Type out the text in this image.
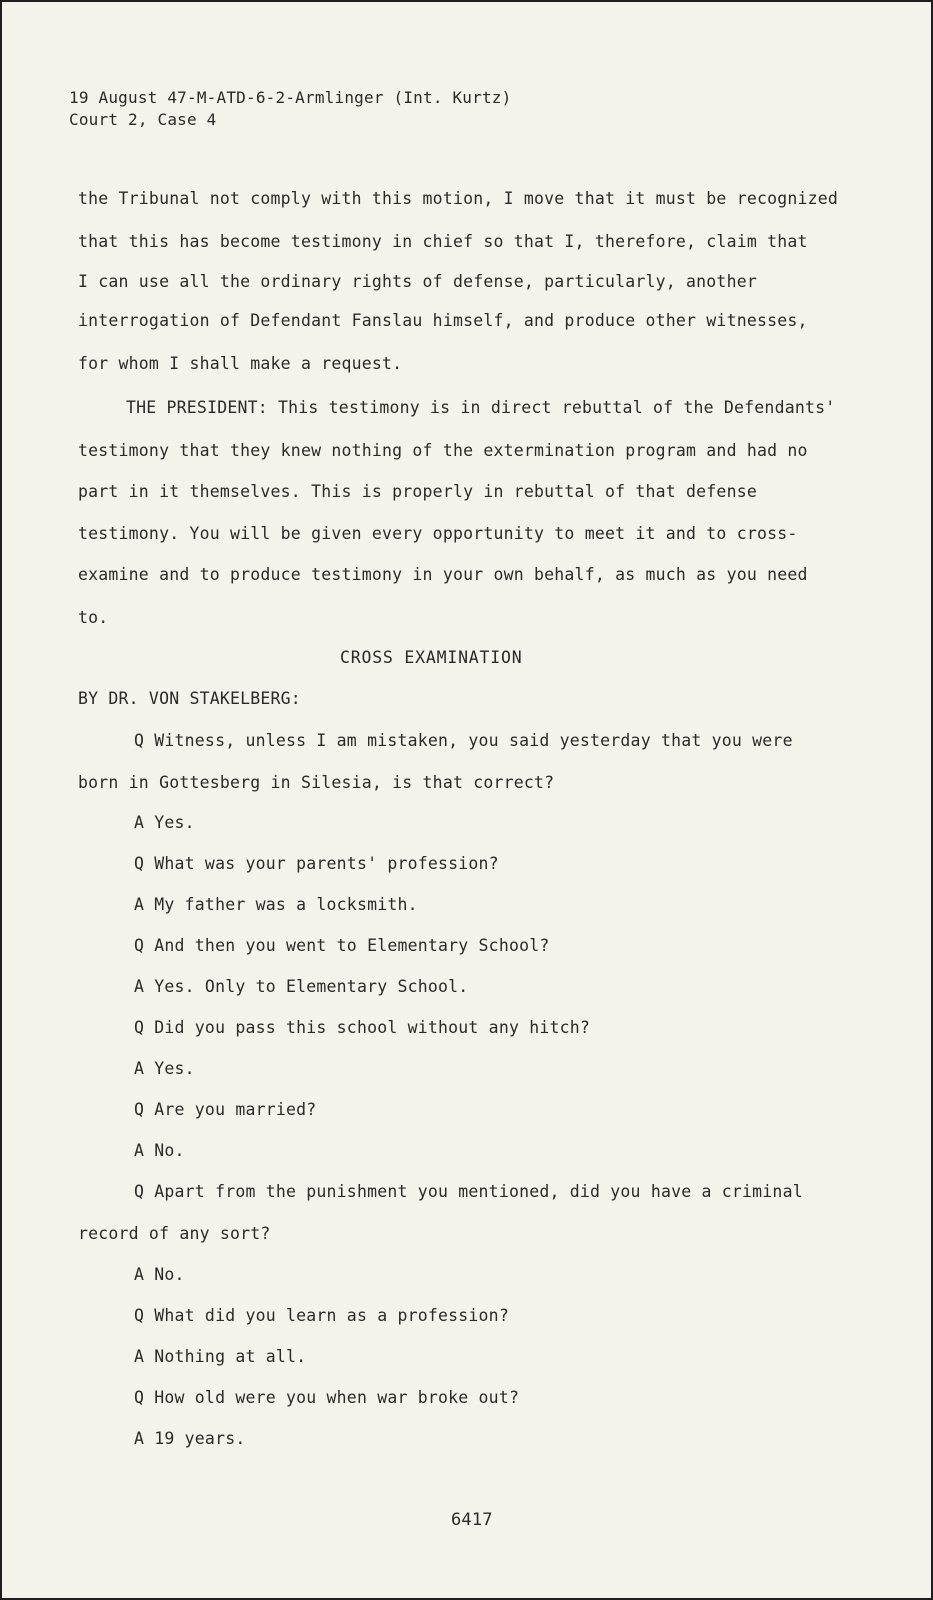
19 August 47-M-ATD-6-2-Armlinger (Int. Kurtz)
Court 2, Case 4
the Tribunal not comply with this motion, I move that it must be recognized
that this has become testimony in chief so that I, therefore, claim that
I can use all the ordinary rights of defense, particularly, another
interrogation of Defendant Fanslau himself, and produce other witnesses,
for whom I shall make a request.
THE PRESIDENT: This testimony is in direct rebuttal of the Defendants'
testimony that they knew nothing of the extermination program and had no
part in it themselves. This is properly in rebuttal of that defense
testimony. You will be given every opportunity to meet it and to cross-
examine and to produce testimony in your own behalf, as much as you need
to.
CROSS EXAMINATION
BY DR. VON STAKELBERG:
Q Witness, unless I am mistaken, you said yesterday that you were
born in Gottesberg in Silesia, is that correct?
A Yes.
Q What was your parents' profession?
A My father was a locksmith.
Q And then you went to Elementary School?
A Yes. Only to Elementary School.
Q Did you pass this school without any hitch?
A Yes.
Q Are you married?
A No.
Q Apart from the punishment you mentioned, did you have a criminal
record of any sort?
A No.
Q What did you learn as a profession?
A Nothing at all.
Q How old were you when war broke out?
A 19 years.
6417
